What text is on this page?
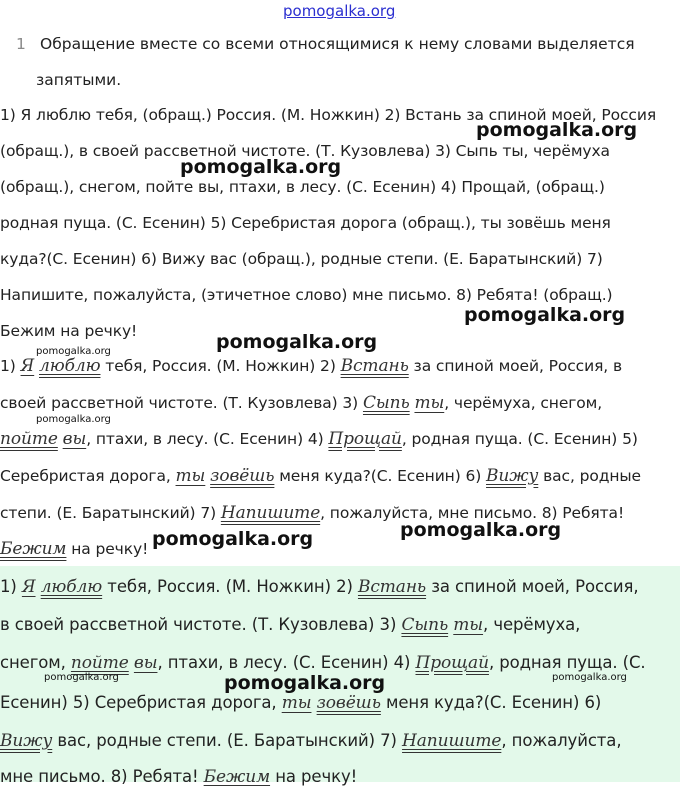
pomogalka.org
1 Обращение вместе со всеми относящимися к нему словами выделяется
запятыми.
1) Я люблю тебя, (обращ.) Россия. (М. Ножкин) 2) Встань за спиной моей, Россия
(обращ.), в своей рассветной чистоте. (Т. Кузовлева) 3) Сыпь ты, черёмуха
(обращ.), снегом, пойте вы, птахи, в лесу. (С. Есенин) 4) Прощай, (обращ.)
родная пуща. (С. Есенин) 5) Серебристая дорога (обращ.), ты зовёшь меня
куда?(С. Есенин) 6) Вижу вас (обращ.), родные степи. (Е. Баратынский) 7)
Напишите, пожалуйста, (этичетное слово) мне письмо. 8) Ребята! (обращ.)
Бежим на речку!
1) Я люблю тебя, Россия. (М. Ножкин) 2) Встань за спиной моей, Россия, в
своей рассветной чистоте. (Т. Кузовлева) 3) Сыпь ты, черёмуха, снегом,
пойте вы, птахи, в лесу. (С. Есенин) 4) Прощай, родная пуща. (С. Есенин) 5)
Серебристая дорога, ты зовёшь меня куда?(С. Есенин) 6) Вижу вас, родные
степи. (Е. Баратынский) 7) Напишите, пожалуйста, мне письмо. 8) Ребята!
Бежим на речку!
1) Я люблю тебя, Россия. (М. Ножкин) 2) Встань за спиной моей, Россия,
в своей рассветной чистоте. (Т. Кузовлева) 3) Сыпь ты, черёмуха,
снегом, пойте вы, птахи, в лесу. (С. Есенин) 4) Прощай, родная пуща. (С.
Есенин) 5) Серебристая дорога, ты зовёшь меня куда?(С. Есенин) 6)
Вижу вас, родные степи. (Е. Баратынский) 7) Напишите, пожалуйста,
мне письмо. 8) Ребята! Бежим на речку!
pomogalka.org
pomogalka.org
pomogalka.org
pomogalka.org
pomogalka.org
pomogalka.org
pomogalka.org
pomogalka.org
pomogalka.org	pomogalka.org	pomogalka.org
